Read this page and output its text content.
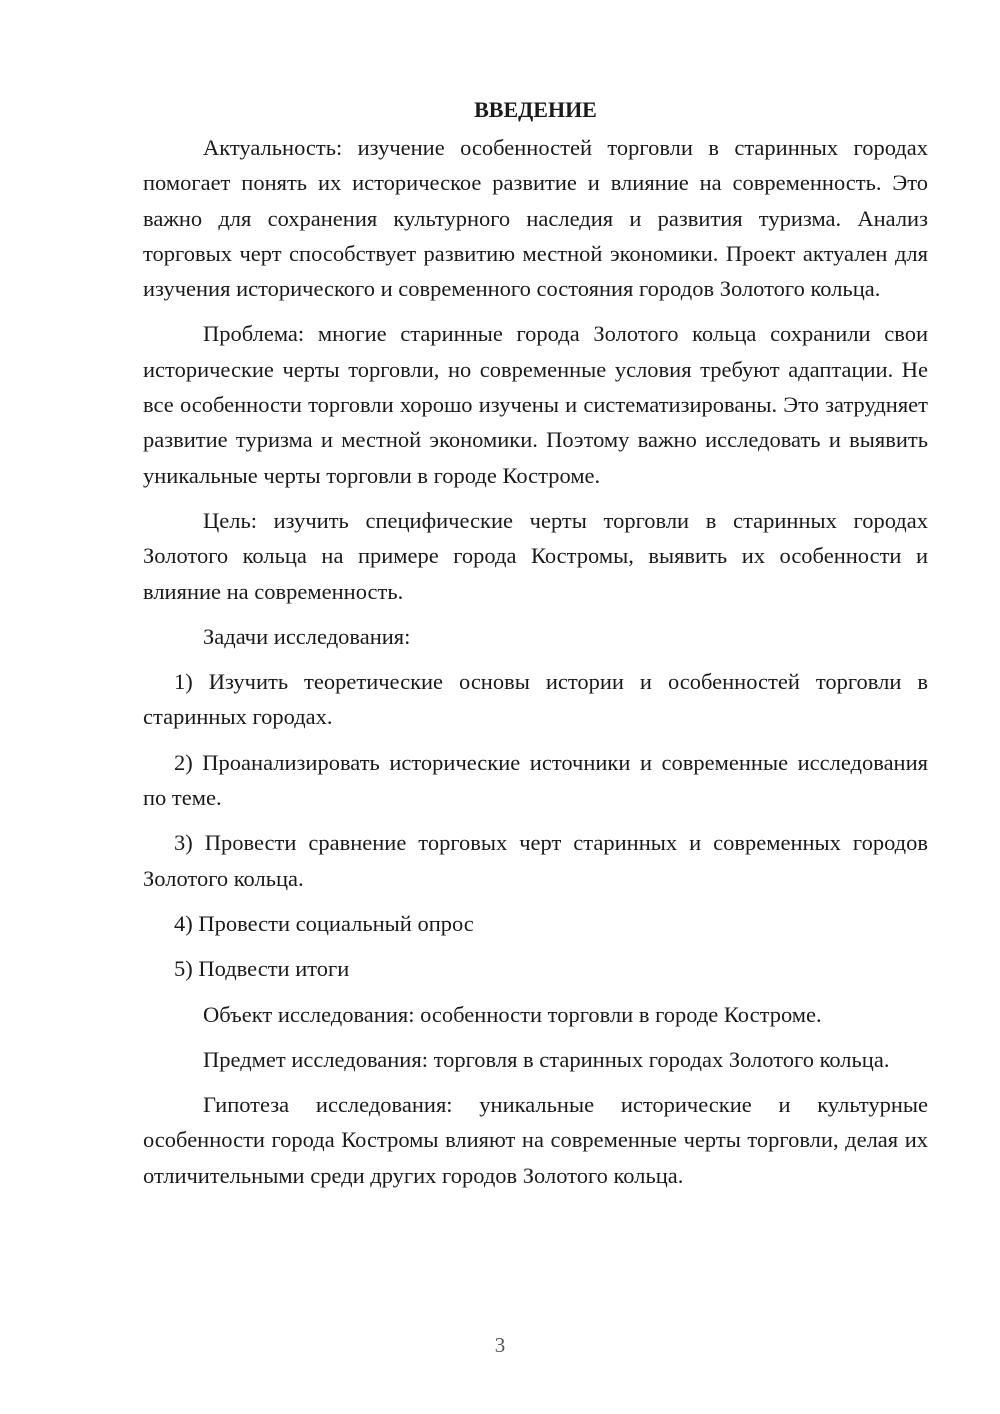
ВВЕДЕНИЕ

Актуальность: изучение особенностей торговли в старинных городах помогает понять их историческое развитие и влияние на современность. Это важно для сохранения культурного наследия и развития туризма. Анализ торговых черт способствует развитию местной экономики. Проект актуален для изучения исторического и современного состояния городов Золотого кольца.

Проблема: многие старинные города Золотого кольца сохранили свои исторические черты торговли, но современные условия требуют адаптации. Не все особенности торговли хорошо изучены и систематизированы. Это затрудняет развитие туризма и местной экономики. Поэтому важно исследовать и выявить уникальные черты торговли в городе Костроме.

Цель: изучить специфические черты торговли в старинных городах Золотого кольца на примере города Костромы, выявить их особенности и влияние на современность.

Задачи исследования:

1) Изучить теоретические основы истории и особенностей торговли в старинных городах.

2) Проанализировать исторические источники и современные исследования по теме.

3) Провести сравнение торговых черт старинных и современных городов Золотого кольца.

4) Провести социальный опрос

5) Подвести итоги

Объект исследования: особенности торговли в городе Костроме.

Предмет исследования: торговля в старинных городах Золотого кольца.

Гипотеза исследования: уникальные исторические и культурные особенности города Костромы влияют на современные черты торговли, делая их отличительными среди других городов Золотого кольца.

3
